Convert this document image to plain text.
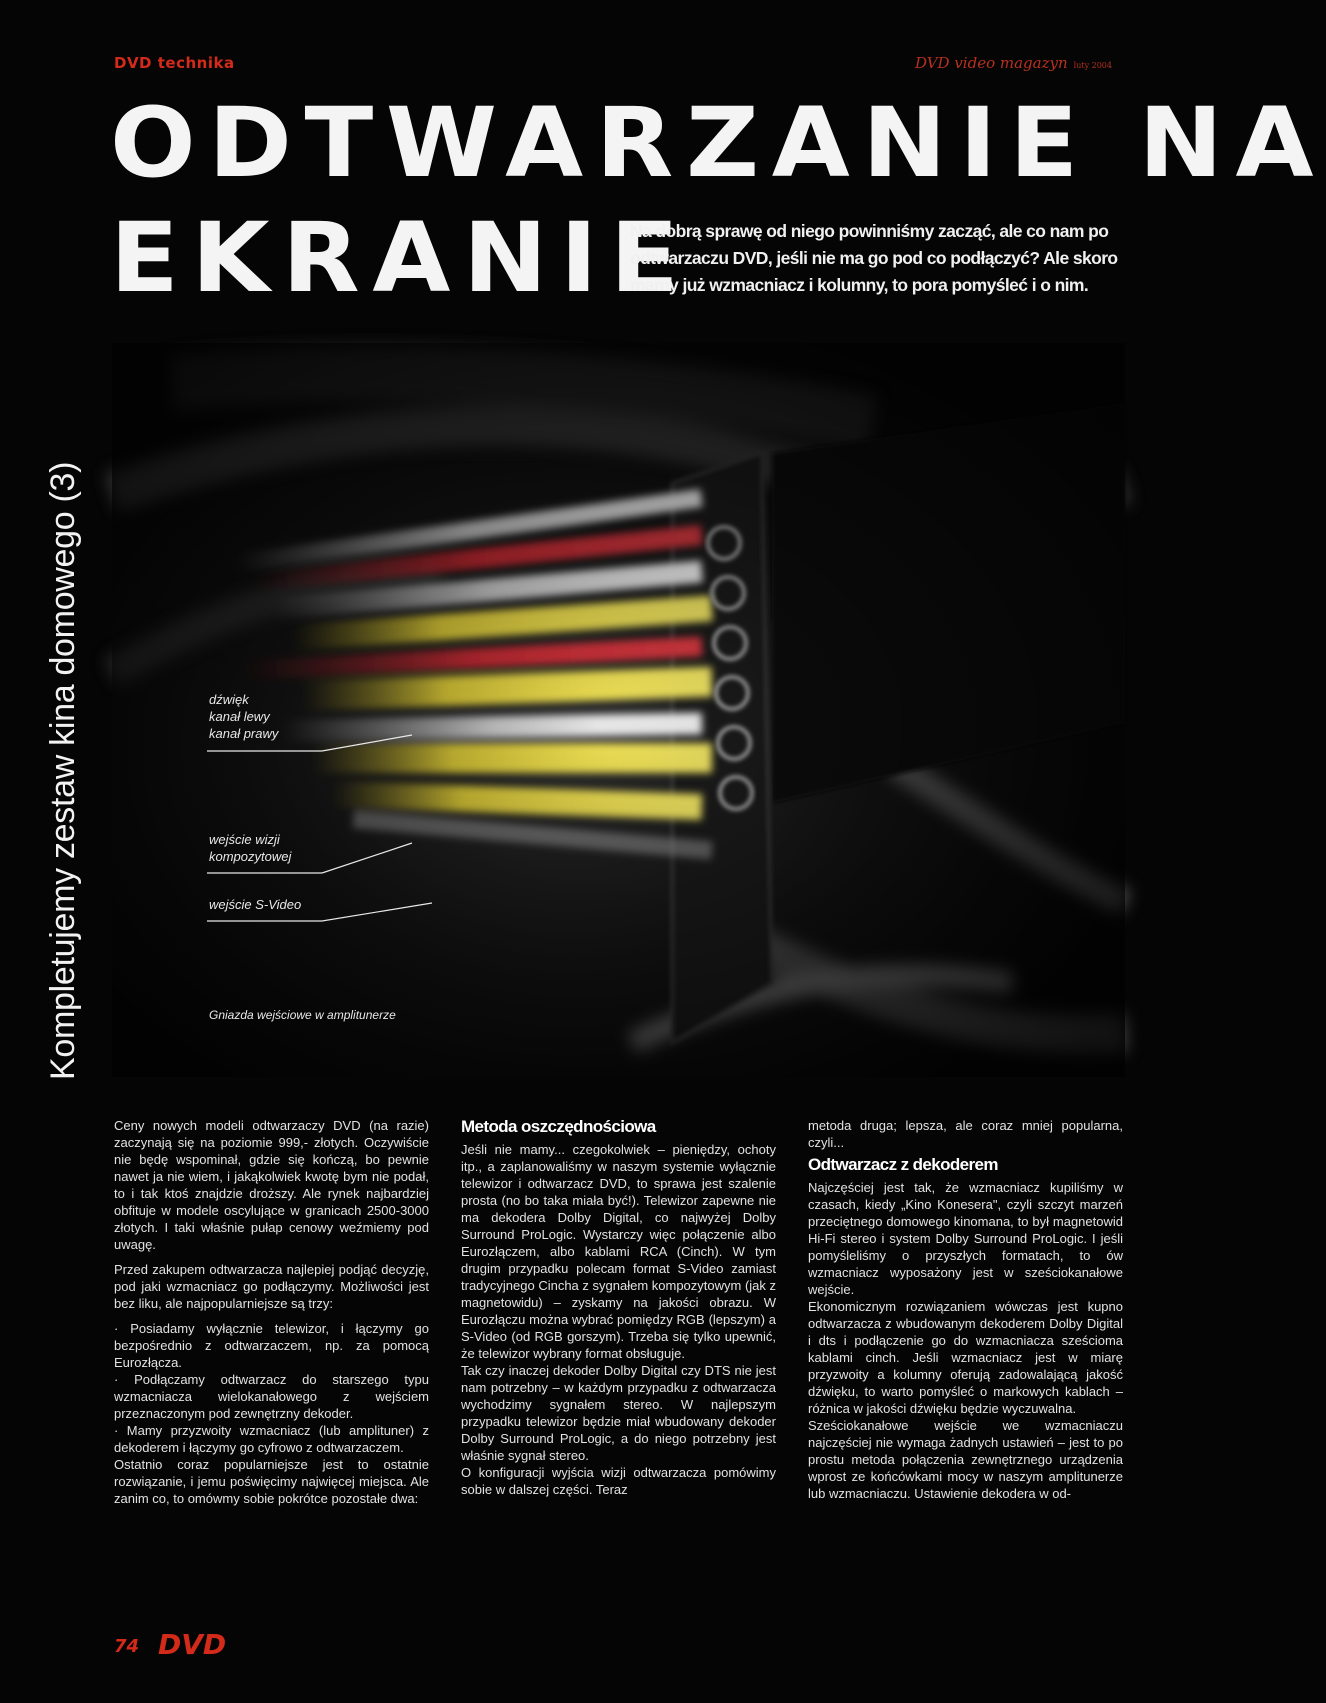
DVD technika	DVD video magazyn luty 2004
ODTWARZANIE NA
EKRANIE
Na dobrą sprawę od niego powinniśmy zacząć, ale co nam po odtwarzaczu DVD, jeśli nie ma go pod co podłączyć? Ale skoro mamy już wzmacniacz i kolumny, to pora pomyśleć i o nim.
Kompletujemy zestaw kina domowego (3)	dźwięk
kanał lewy
kanał prawy
wejście wizji
kompozytowej
wejście S-Video
Gniazda wejściowe w amplitunerze

Ceny nowych modeli odtwarzaczy DVD (na razie) zaczynają się na poziomie 999,- złotych. Oczywiście nie będę wspominał, gdzie się kończą, bo pewnie nawet ja nie wiem, i jakąkolwiek kwotę bym nie podał, to i tak ktoś znajdzie droższy. Ale rynek najbardziej obfituje w modele oscylujące w granicach 2500-3000 złotych. I taki właśnie pułap cenowy weźmiemy pod uwagę.

Przed zakupem odtwarzacza najlepiej podjąć decyzję, pod jaki wzmacniacz go podłączymy. Możliwości jest bez liku, ale najpopularniejsze są trzy:

· Posiadamy wyłącznie telewizor, i łączymy go bezpośrednio z odtwarzaczem, np. za pomocą Eurozłącza.

· Podłączamy odtwarzacz do starszego typu wzmacniacza wielokanałowego z wejściem przeznaczonym pod zewnętrzny dekoder.

· Mamy przyzwoity wzmacniacz (lub amplituner) z dekoderem i łączymy go cyfrowo z odtwarzaczem.

Ostatnio coraz popularniejsze jest to ostatnie rozwiązanie, i jemu poświęcimy najwięcej miejsca. Ale zanim co, to omówmy sobie pokrótce pozostałe dwa:

Metoda oszczędnościowa

Jeśli nie mamy... czegokolwiek – pieniędzy, ochoty itp., a zaplanowaliśmy w naszym systemie wyłącznie telewizor i odtwarzacz DVD, to sprawa jest szalenie prosta (no bo taka miała być!). Telewizor zapewne nie ma dekodera Dolby Digital, co najwyżej Dolby Surround ProLogic. Wystarczy więc połączenie albo Eurozłączem, albo kablami RCA (Cinch). W tym drugim przypadku polecam format S-Video zamiast tradycyjnego Cincha z sygnałem kompozytowym (jak z magnetowidu) – zyskamy na jakości obrazu. W Eurozłączu można wybrać pomiędzy RGB (lepszym) a S-Video (od RGB gorszym). Trzeba się tylko upewnić, że telewizor wybrany format obsługuje.

Tak czy inaczej dekoder Dolby Digital czy DTS nie jest nam potrzebny – w każdym przypadku z odtwarzacza wychodzimy sygnałem stereo. W najlepszym przypadku telewizor będzie miał wbudowany dekoder Dolby Surround ProLogic, a do niego potrzebny jest właśnie sygnał stereo.

O konfiguracji wyjścia wizji odtwarzacza pomówimy sobie w dalszej części. Teraz

metoda druga; lepsza, ale coraz mniej popularna, czyli...

Odtwarzacz z dekoderem

Najczęściej jest tak, że wzmacniacz kupiliśmy w czasach, kiedy „Kino Konesera", czyli szczyt marzeń przeciętnego domowego kinomana, to był magnetowid Hi-Fi stereo i system Dolby Surround ProLogic. I jeśli pomyśleliśmy o przyszłych formatach, to ów wzmacniacz wyposażony jest w sześciokanałowe wejście.

Ekonomicznym rozwiązaniem wówczas jest kupno odtwarzacza z wbudowanym dekoderem Dolby Digital i dts i podłączenie go do wzmacniacza sześcioma kablami cinch. Jeśli wzmacniacz jest w miarę przyzwoity a kolumny oferują zadowalającą jakość dźwięku, to warto pomyśleć o markowych kablach – różnica w jakości dźwięku będzie wyczuwalna.

Sześciokanałowe wejście we wzmacniaczu najczęściej nie wymaga żadnych ustawień – jest to po prostu metoda połączenia zewnętrznego urządzenia wprost ze końcówkami mocy w naszym amplitunerze lub wzmacniaczu. Ustawienie dekodera w od-

74 DVD
